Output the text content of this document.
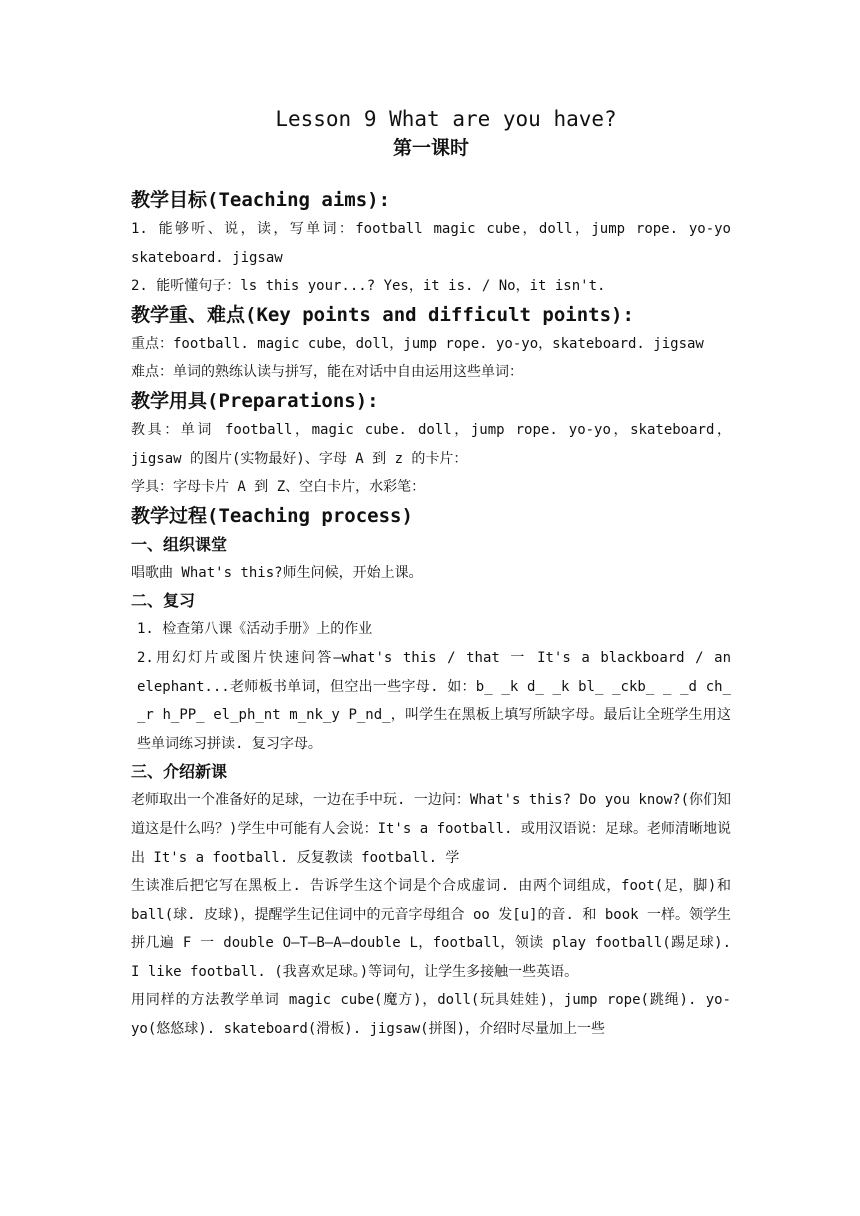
Lesson 9 What are you have?
第一课时
教学目标(Teaching aims):

1. 能够听、说，读，写单词：football magic cube，doll，jump rope. yo-yo skateboard. jigsaw

2. 能听懂句子：ls this your...? Yes，it is. / No，it isn't.

教学重、难点(Key points and difficult points):

重点：football. magic cube，doll，jump rope. yo-yo，skateboard. jigsaw

难点：单词的熟练认读与拼写，能在对话中自由运用这些单词：

教学用具(Preparations):

教具：单词 football，magic cube. doll，jump rope. yo-yo，skateboard，jigsaw 的图片(实物最好)、字母 A 到 z 的卡片：

学具：字母卡片 A 到 Z、空白卡片，水彩笔：

教学过程(Teaching process)
一、组织课堂

唱歌曲 What's this?师生问候，开始上课。

二、复习

1. 检查第八课《活动手册》上的作业

2.用幻灯片或图片快速问答—what's this / that 一 It's a blackboard / an elephant...老师板书单词，但空出一些字母. 如：b_ _k d_ _k bl_ _ckb_ _ _d ch_ _r h_PP_ el_ph_nt m_nk_y P_nd_，叫学生在黑板上填写所缺字母。最后让全班学生用这些单词练习拼读. 复习字母。

三、介绍新课

老师取出一个准备好的足球，一边在手中玩. 一边问：What's this? Do you know?(你们知道这是什么吗？)学生中可能有人会说：It's a football. 或用汉语说：足球。老师清晰地说出 It's a football. 反复教读 football. 学

生读准后把它写在黑板上. 告诉学生这个词是个合成虚词. 由两个词组成，foot(足，脚)和 ball(球. 皮球)，提醒学生记住词中的元音字母组合 oo 发[u]的音. 和 book 一样。领学生拼几遍 F 一 double O—T—B—A—double L，football，领读 play football(踢足球). I like football. (我喜欢足球。)等词句，让学生多接触一些英语。

用同样的方法教学单词 magic cube(魔方)，doll(玩具娃娃)，jump rope(跳绳). yo-yo(悠悠球). skateboard(滑板). jigsaw(拼图)，介绍时尽量加上一些
